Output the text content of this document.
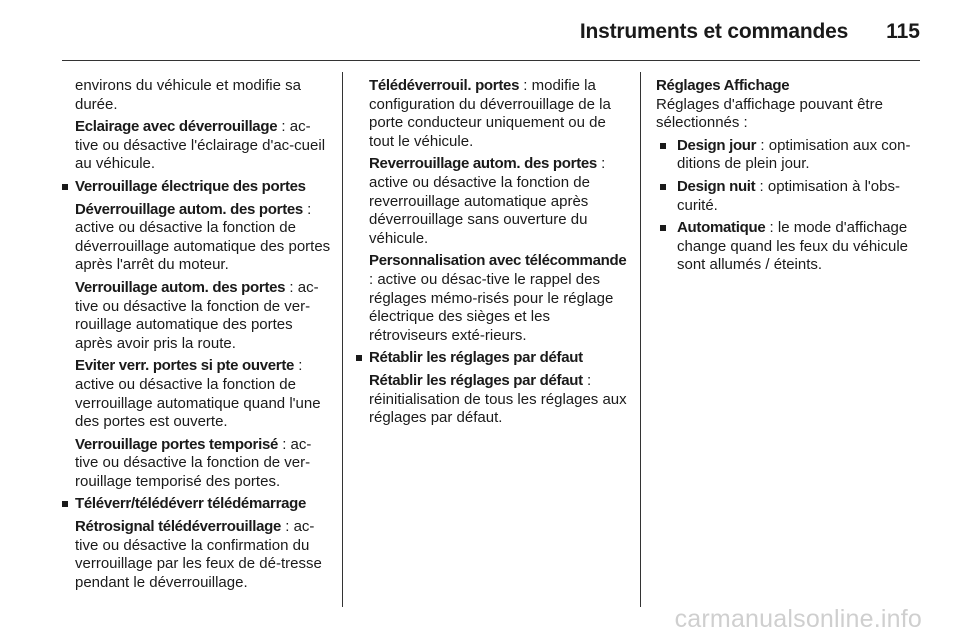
Instruments et commandes 115

environs du véhicule et modifie sa durée.

Eclairage avec déverrouillage : ac-tive ou désactive l'éclairage d'ac-cueil au véhicule.

Verrouillage électrique des portes

Déverrouillage autom. des portes : active ou désactive la fonction de déverrouillage automatique des portes après l'arrêt du moteur.

Verrouillage autom. des portes : ac-tive ou désactive la fonction de ver-rouillage automatique des portes après avoir pris la route.

Eviter verr. portes si pte ouverte : active ou désactive la fonction de verrouillage automatique quand l'une des portes est ouverte.

Verrouillage portes temporisé : ac-tive ou désactive la fonction de ver-rouillage temporisé des portes.

Téléverr/télédéverr télédémarrage

Rétrosignal télédéverrouillage : ac-tive ou désactive la confirmation du verrouillage par les feux de dé-tresse pendant le déverrouillage.

Télédéverrouil. portes : modifie la configuration du déverrouillage de la porte conducteur uniquement ou de tout le véhicule.

Reverrouillage autom. des portes : active ou désactive la fonction de reverrouillage automatique après déverrouillage sans ouverture du véhicule.

Personnalisation avec télécommande : active ou désac-tive le rappel des réglages mémo-risés pour le réglage électrique des sièges et les rétroviseurs exté-rieurs.

Rétablir les réglages par défaut

Rétablir les réglages par défaut : réinitialisation de tous les réglages aux réglages par défaut.

Réglages Affichage

Réglages d'affichage pouvant être sélectionnés :

Design jour : optimisation aux con-ditions de plein jour.
Design nuit : optimisation à l'obs-curité.
Automatique : le mode d'affichage change quand les feux du véhicule sont allumés / éteints.
carmanualsonline.info
